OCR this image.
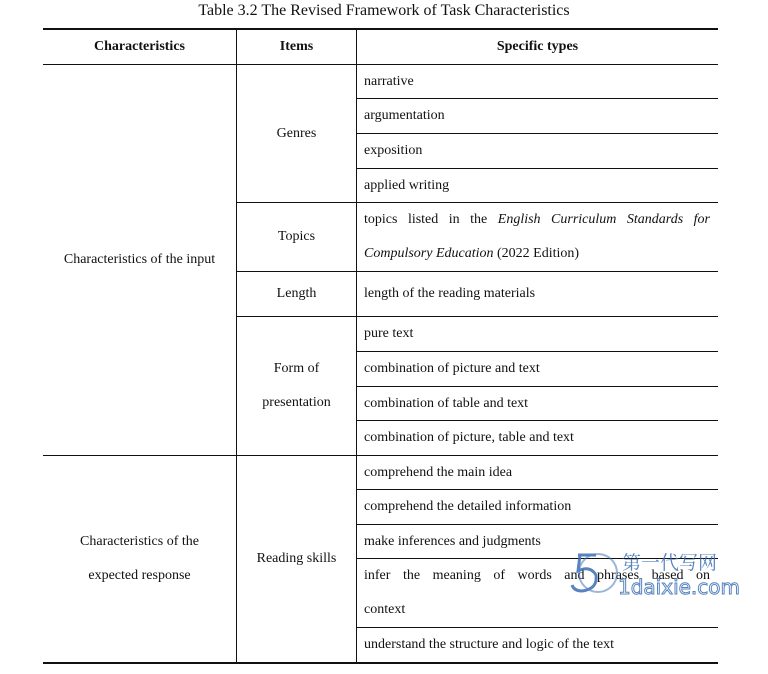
Table 3.2 The Revised Framework of Task Characteristics
Characteristics	Items	Specific types
Characteristics of the input
Characteristics of the
expected response
Genres
Topics
Length
Form of
presentation
Reading skills
narrative
argumentation
exposition
applied writing
topics listed in the English Curriculum Standards for
Compulsory Education (2022 Edition)
length of the reading materials
pure text
combination of picture and text
combination of table and text
combination of picture, table and text
comprehend the main idea
comprehend the detailed information
make inferences and judgments
infer the meaning of words and phrases based on
context
understand the structure and logic of the text
第一代写网
1daixie.com
